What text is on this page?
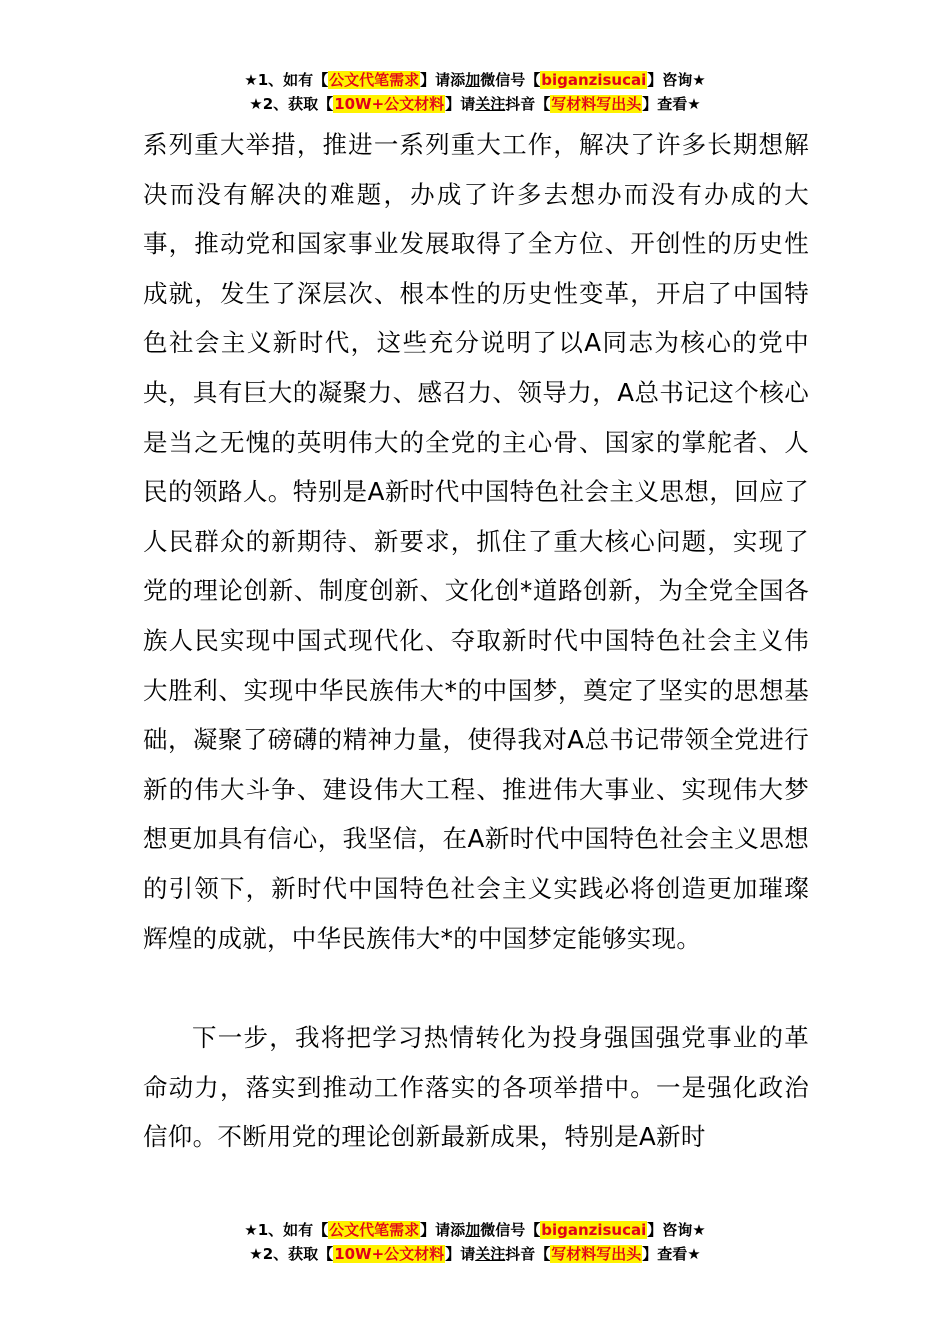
★1、如有【公文代笔需求】请添加微信号【biganzisucai】咨询★
★2、获取【10W+公文材料】请关注抖音【写材料写出头】查看★

系列重大举措，推进一系列重大工作，解决了许多长期想解决而没有解决的难题，办成了许多去想办而没有办成的大事，推动党和国家事业发展取得了全方位、开创性的历史性成就，发生了深层次、根本性的历史性变革，开启了中国特色社会主义新时代，这些充分说明了以A同志为核心的党中央，具有巨大的凝聚力、感召力、领导力，A总书记这个核心是当之无愧的英明伟大的全党的主心骨、国家的掌舵者、人民的领路人。特别是A新时代中国特色社会主义思想，回应了人民群众的新期待、新要求，抓住了重大核心问题，实现了党的理论创新、制度创新、文化创*道路创新，为全党全国各族人民实现中国式现代化、夺取新时代中国特色社会主义伟大胜利、实现中华民族伟大*的中国梦，奠定了坚实的思想基础，凝聚了磅礴的精神力量，使得我对A总书记带领全党进行新的伟大斗争、建设伟大工程、推进伟大事业、实现伟大梦想更加具有信心，我坚信，在A新时代中国特色社会主义思想的引领下，新时代中国特色社会主义实践必将创造更加璀璨辉煌的成就，中华民族伟大*的中国梦定能够实现。

下一步，我将把学习热情转化为投身强国强党事业的革命动力，落实到推动工作落实的各项举措中。一是强化政治信仰。不断用党的理论创新最新成果，特别是A新时

★1、如有【公文代笔需求】请添加微信号【biganzisucai】咨询★
★2、获取【10W+公文材料】请关注抖音【写材料写出头】查看★
